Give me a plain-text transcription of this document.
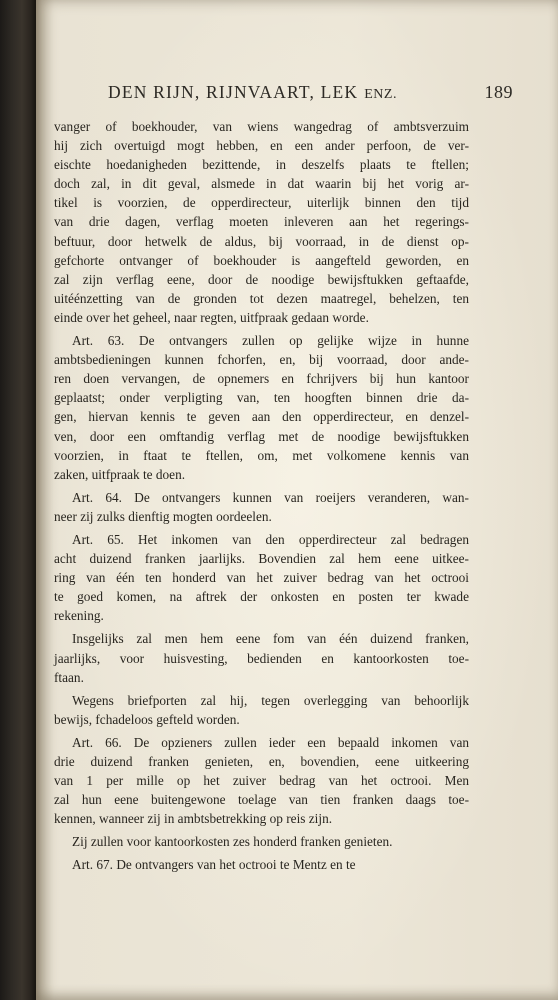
DEN RIJN, RIJNVAART, LEK ENZ.	189
vanger of boekhouder, van wiens wangedrag of ambtsverzuim
hij zich overtuigd mogt hebben, en een ander perfoon, de ver-
eischte hoedanigheden bezittende, in deszelfs plaats te ftellen;
doch zal, in dit geval, alsmede in dat waarin bij het vorig ar-
tikel is voorzien, de opperdirecteur, uiterlijk binnen den tijd
van drie dagen, verflag moeten inleveren aan het regerings-
beftuur, door hetwelk de aldus, bij voorraad, in de dienst op-
gefchorte ontvanger of boekhouder is aangefteld geworden, en
zal zijn verflag eene, door de noodige bewijsftukken geftaafde,
uitéénzetting van de gronden tot dezen maatregel, behelzen, ten
einde over het geheel, naar regten, uitfpraak gedaan worde.
Art. 63. De ontvangers zullen op gelijke wijze in hunne
ambtsbedieningen kunnen fchorfen, en, bij voorraad, door ande-
ren doen vervangen, de opnemers en fchrijvers bij hun kantoor
geplaatst; onder verpligting van, ten hoogften binnen drie da-
gen, hiervan kennis te geven aan den opperdirecteur, en denzel-
ven, door een omftandig verflag met de noodige bewijsftukken
voorzien, in ftaat te ftellen, om, met volkomene kennis van
zaken, uitfpraak te doen.
Art. 64. De ontvangers kunnen van roeijers veranderen, wan-
neer zij zulks dienftig mogten oordeelen.
Art. 65. Het inkomen van den opperdirecteur zal bedragen
acht duizend franken jaarlijks. Bovendien zal hem eene uitkee-
ring van één ten honderd van het zuiver bedrag van het octrooi
te goed komen, na aftrek der onkosten en posten ter kwade
rekening.
Insgelijks zal men hem eene fom van één duizend franken,
jaarlijks, voor huisvesting, bedienden en kantoorkosten toe-
ftaan.
Wegens briefporten zal hij, tegen overlegging van behoorlijk
bewijs, fchadeloos gefteld worden.
Art. 66. De opzieners zullen ieder een bepaald inkomen van
drie duizend franken genieten, en, bovendien, eene uitkeering
van 1 per mille op het zuiver bedrag van het octrooi. Men
zal hun eene buitengewone toelage van tien franken daags toe-
kennen, wanneer zij in ambtsbetrekking op reis zijn.
Zij zullen voor kantoorkosten zes honderd franken genieten.
Art. 67. De ontvangers van het octrooi te Mentz en te
